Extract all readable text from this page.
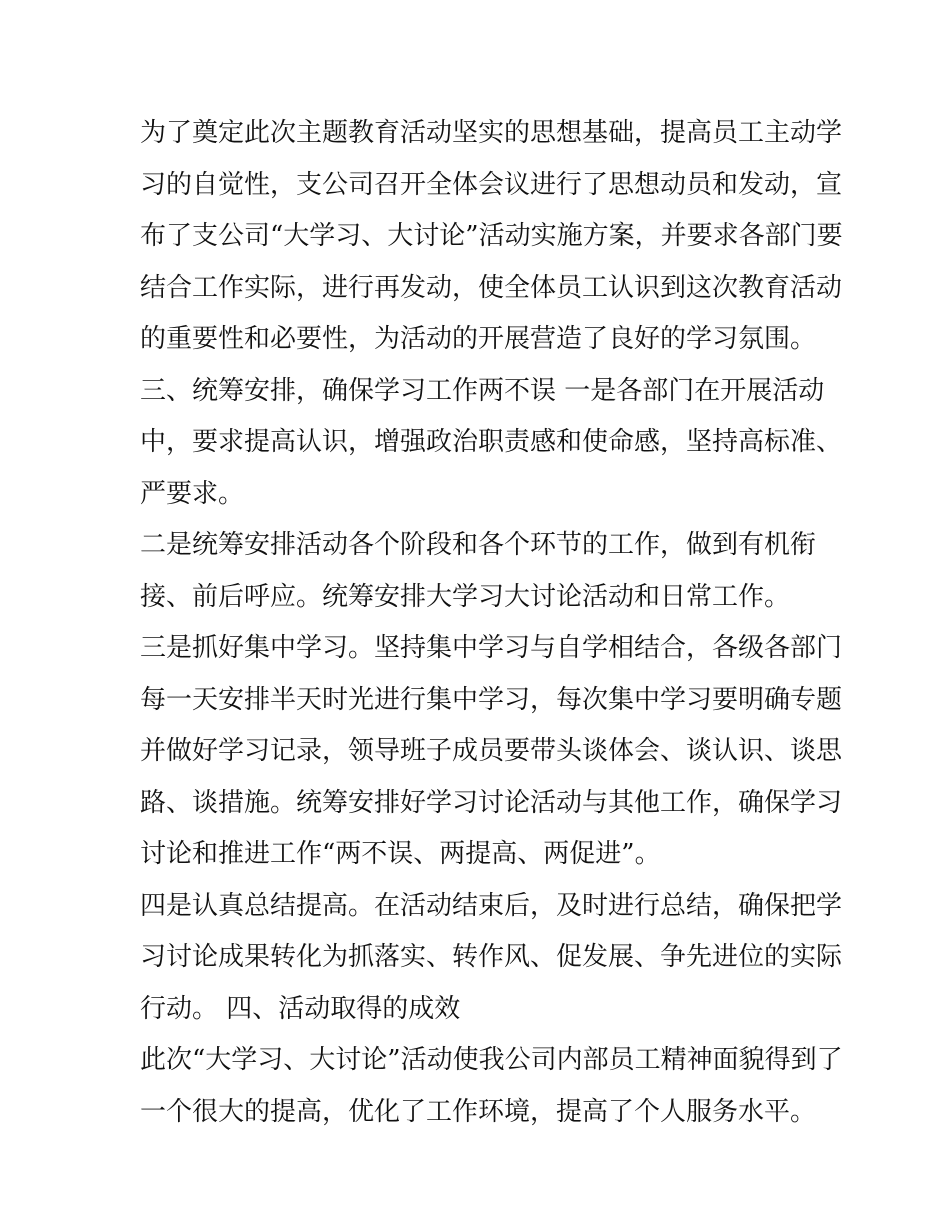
为了奠定此次主题教育活动坚实的思想基础，提高员工主动学
习的自觉性，支公司召开全体会议进行了思想动员和发动，宣
布了支公司“大学习、大讨论”活动实施方案，并要求各部门要
结合工作实际，进行再发动，使全体员工认识到这次教育活动
的重要性和必要性，为活动的开展营造了良好的学习氛围。
三、统筹安排，确保学习工作两不误 一是各部门在开展活动
中，要求提高认识，增强政治职责感和使命感，坚持高标准、
严要求。
二是统筹安排活动各个阶段和各个环节的工作，做到有机衔
接、前后呼应。统筹安排大学习大讨论活动和日常工作。
三是抓好集中学习。坚持集中学习与自学相结合，各级各部门
每一天安排半天时光进行集中学习，每次集中学习要明确专题
并做好学习记录，领导班子成员要带头谈体会、谈认识、谈思
路、谈措施。统筹安排好学习讨论活动与其他工作，确保学习
讨论和推进工作“两不误、两提高、两促进”。
四是认真总结提高。在活动结束后，及时进行总结，确保把学
习讨论成果转化为抓落实、转作风、促发展、争先进位的实际
行动。 四、活动取得的成效
此次“大学习、大讨论”活动使我公司内部员工精神面貌得到了
一个很大的提高，优化了工作环境，提高了个人服务水平。
